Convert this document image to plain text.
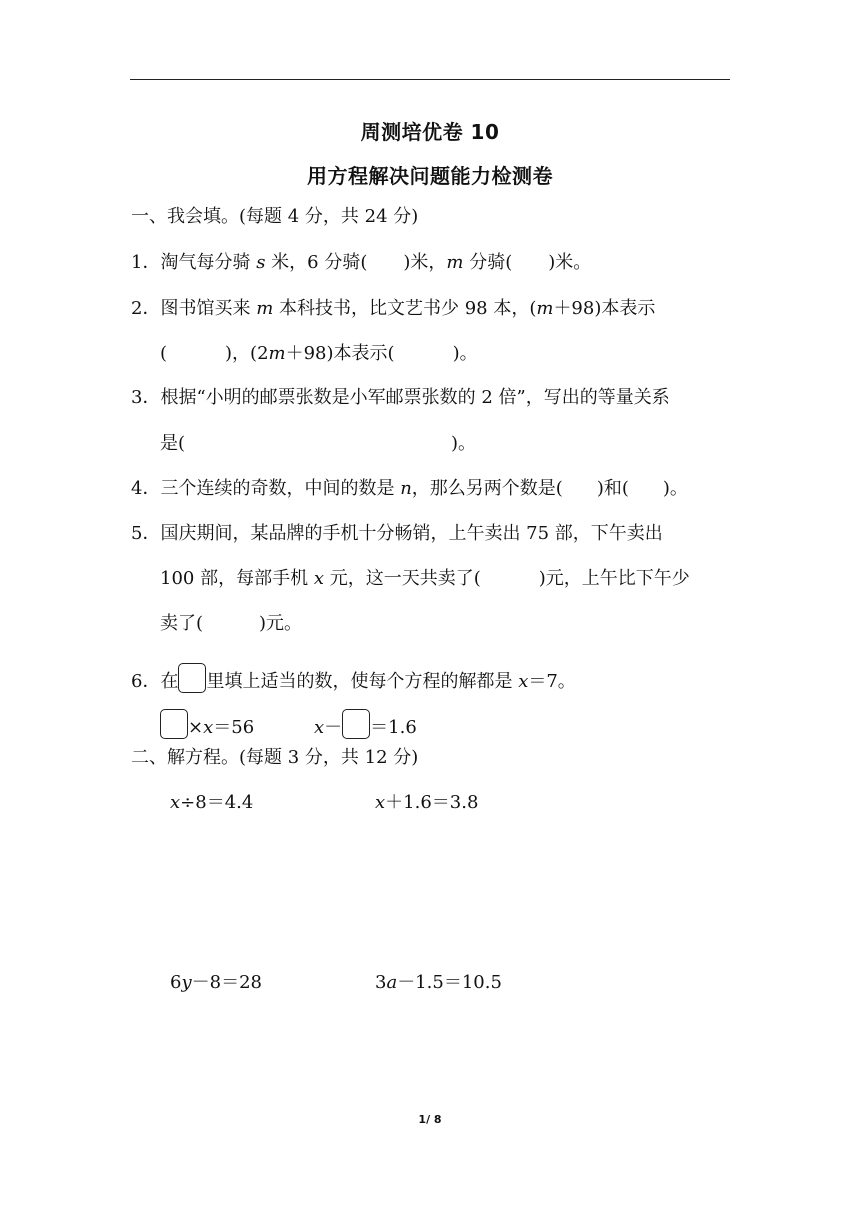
周测培优卷 10
用方程解决问题能力检测卷
一、我会填。(每题 4 分，共 24 分)
1．淘气每分骑 s 米，6 分骑( )米，m 分骑( )米。
2．图书馆买来 m 本科技书，比文艺书少 98 本，(m＋98)本表示
(	)，(2m＋98)本表示(	)。
3．根据“小明的邮票张数是小军邮票张数的 2 倍”，写出的等量关系
是(	)。
4．三个连续的奇数，中间的数是 n，那么另两个数是( )和( )。
5．国庆期间，某品牌的手机十分畅销，上午卖出 75 部，下午卖出
100 部，每部手机 x 元，这一天共卖了(	)元，上午比下午少
卖了(	)元。
6．在 里填上适当的数，使每个方程的解都是 x＝7。
×x＝56	x－ ＝1.6
二、解方程。(每题 3 分，共 12 分)
x÷8＝4.4	x＋1.6＝3.8
6y－8＝28	3a－1.5＝10.5
1/ 8
